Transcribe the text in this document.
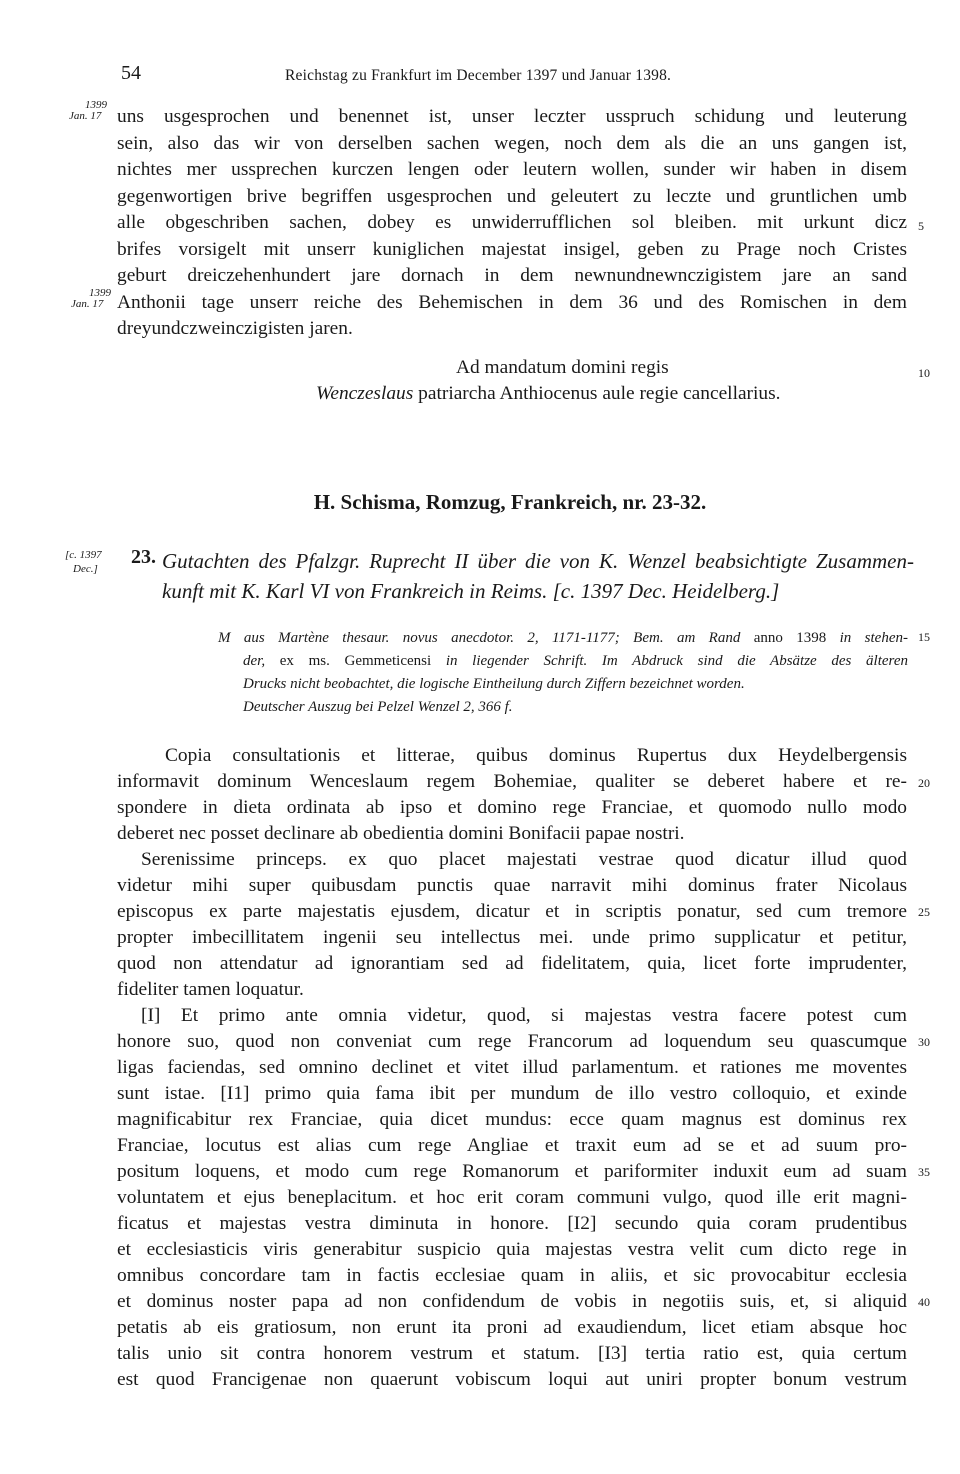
54	Reichstag zu Frankfurt im December 1397 und Januar 1398.
1399
Jan. 17
1399
Jan. 17
uns usgesprochen und benennet ist, unser leczter usspruch schidung und leuterung
sein, also das wir von derselben sachen wegen, noch dem als die an uns gangen ist,
nichtes mer ussprechen kurczen lengen oder leutern wollen, sunder wir haben in disem
gegenwortigen brive begriffen usgesprochen und geleutert zu leczte und gruntlichen umb
alle obgeschriben sachen, dobey es unwiderrufflichen sol bleiben. mit urkunt dicz
brifes vorsigelt mit unserr kuniglichen majestat insigel, geben zu Prage noch Cristes
geburt dreiczehenhundert jare dornach in dem newnundnewnczigistem jare an sand
Anthonii tage unserr reiche des Behemischen in dem 36 und des Romischen in dem
dreyundczweinczigisten jaren.
Ad mandatum domini regis
Wenczeslaus patriarcha Anthiocenus aule regie cancellarius.
5
10
15
20
25
30
35
40
H. Schisma, Romzug, Frankreich, nr. 23-32.
[c. 1397
Dec.]
23. Gutachten des Pfalzgr. Ruprecht II über die von K. Wenzel beabsichtigte Zusammen-
kunft mit K. Karl VI von Frankreich in Reims. [c. 1397 Dec. Heidelberg.]
M aus Martène thesaur. novus anecdotor. 2, 1171-1177; Bem. am Rand anno 1398 in stehen-
der, ex ms. Gemmeticensi in liegender Schrift. Im Abdruck sind die Absätze des älteren
Drucks nicht beobachtet, die logische Eintheilung durch Ziffern bezeichnet worden.
Deutscher Auszug bei Pelzel Wenzel 2, 366 f.
Copia consultationis et litterae, quibus dominus Rupertus dux Heydelbergensis
informavit dominum Wenceslaum regem Bohemiae, qualiter se deberet habere et re-
spondere in dieta ordinata ab ipso et domino rege Franciae, et quomodo nullo modo
deberet nec posset declinare ab obedientia domini Bonifacii papae nostri.
Serenissime princeps. ex quo placet majestati vestrae quod dicatur illud quod
videtur mihi super quibusdam punctis quae narravit mihi dominus frater Nicolaus
episcopus ex parte majestatis ejusdem, dicatur et in scriptis ponatur, sed cum tremore
propter imbecillitatem ingenii seu intellectus mei. unde primo supplicatur et petitur,
quod non attendatur ad ignorantiam sed ad fidelitatem, quia, licet forte imprudenter,
fideliter tamen loquatur.
[I] Et primo ante omnia videtur, quod, si majestas vestra facere potest cum
honore suo, quod non conveniat cum rege Francorum ad loquendum seu quascumque
ligas faciendas, sed omnino declinet et vitet illud parlamentum. et rationes me moventes
sunt istae. [I1] primo quia fama ibit per mundum de illo vestro colloquio, et exinde
magnificabitur rex Franciae, quia dicet mundus: ecce quam magnus est dominus rex
Franciae, locutus est alias cum rege Angliae et traxit eum ad se et ad suum pro-
positum loquens, et modo cum rege Romanorum et pariformiter induxit eum ad suam
voluntatem et ejus beneplacitum. et hoc erit coram communi vulgo, quod ille erit magni-
ficatus et majestas vestra diminuta in honore. [I2] secundo quia coram prudentibus
et ecclesiasticis viris generabitur suspicio quia majestas vestra velit cum dicto rege in
omnibus concordare tam in factis ecclesiae quam in aliis, et sic provocabitur ecclesia
et dominus noster papa ad non confidendum de vobis in negotiis suis, et, si aliquid
petatis ab eis gratiosum, non erunt ita proni ad exaudiendum, licet etiam absque hoc
talis unio sit contra honorem vestrum et statum. [I3] tertia ratio est, quia certum
est quod Francigenae non quaerunt vobiscum loqui aut uniri propter bonum vestrum
